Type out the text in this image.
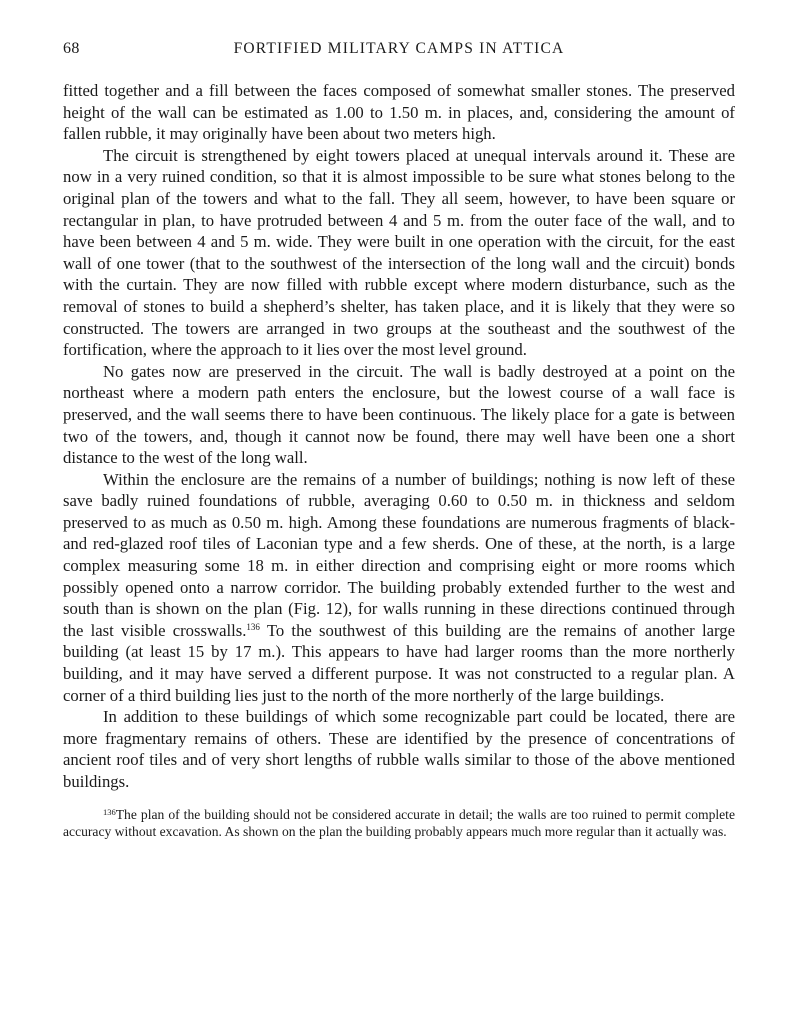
68	FORTIFIED MILITARY CAMPS IN ATTICA

fitted together and a fill between the faces composed of somewhat smaller stones. The preserved height of the wall can be estimated as 1.00 to 1.50 m. in places, and, considering the amount of fallen rubble, it may originally have been about two meters high.

The circuit is strengthened by eight towers placed at unequal intervals around it. These are now in a very ruined condition, so that it is almost impossible to be sure what stones belong to the original plan of the towers and what to the fall. They all seem, however, to have been square or rectangular in plan, to have protruded between 4 and 5 m. from the outer face of the wall, and to have been between 4 and 5 m. wide. They were built in one operation with the circuit, for the east wall of one tower (that to the southwest of the intersection of the long wall and the circuit) bonds with the curtain. They are now filled with rubble except where modern disturbance, such as the removal of stones to build a shepherd’s shelter, has taken place, and it is likely that they were so constructed. The towers are arranged in two groups at the southeast and the southwest of the fortification, where the approach to it lies over the most level ground.

No gates now are preserved in the circuit. The wall is badly destroyed at a point on the northeast where a modern path enters the enclosure, but the lowest course of a wall face is preserved, and the wall seems there to have been continuous. The likely place for a gate is between two of the towers, and, though it cannot now be found, there may well have been one a short distance to the west of the long wall.

Within the enclosure are the remains of a number of buildings; nothing is now left of these save badly ruined foundations of rubble, averaging 0.60 to 0.50 m. in thickness and seldom preserved to as much as 0.50 m. high. Among these foundations are numerous fragments of black- and red-glazed roof tiles of Laconian type and a few sherds. One of these, at the north, is a large complex measuring some 18 m. in either direction and comprising eight or more rooms which possibly opened onto a narrow corridor. The building probably extended further to the west and south than is shown on the plan (Fig. 12), for walls running in these directions continued through the last visible crosswalls.$^{136}$ To the southwest of this building are the remains of another large building (at least 15 by 17 m.). This appears to have had larger rooms than the more northerly building, and it may have served a different purpose. It was not constructed to a regular plan. A corner of a third building lies just to the north of the more northerly of the large buildings.

In addition to these buildings of which some recognizable part could be located, there are more fragmentary remains of others. These are identified by the presence of concentrations of ancient roof tiles and of very short lengths of rubble walls similar to those of the above mentioned buildings.

$^{136}$The plan of the building should not be considered accurate in detail; the walls are too ruined to permit complete accuracy without excavation. As shown on the plan the building probably appears much more regular than it actually was.
